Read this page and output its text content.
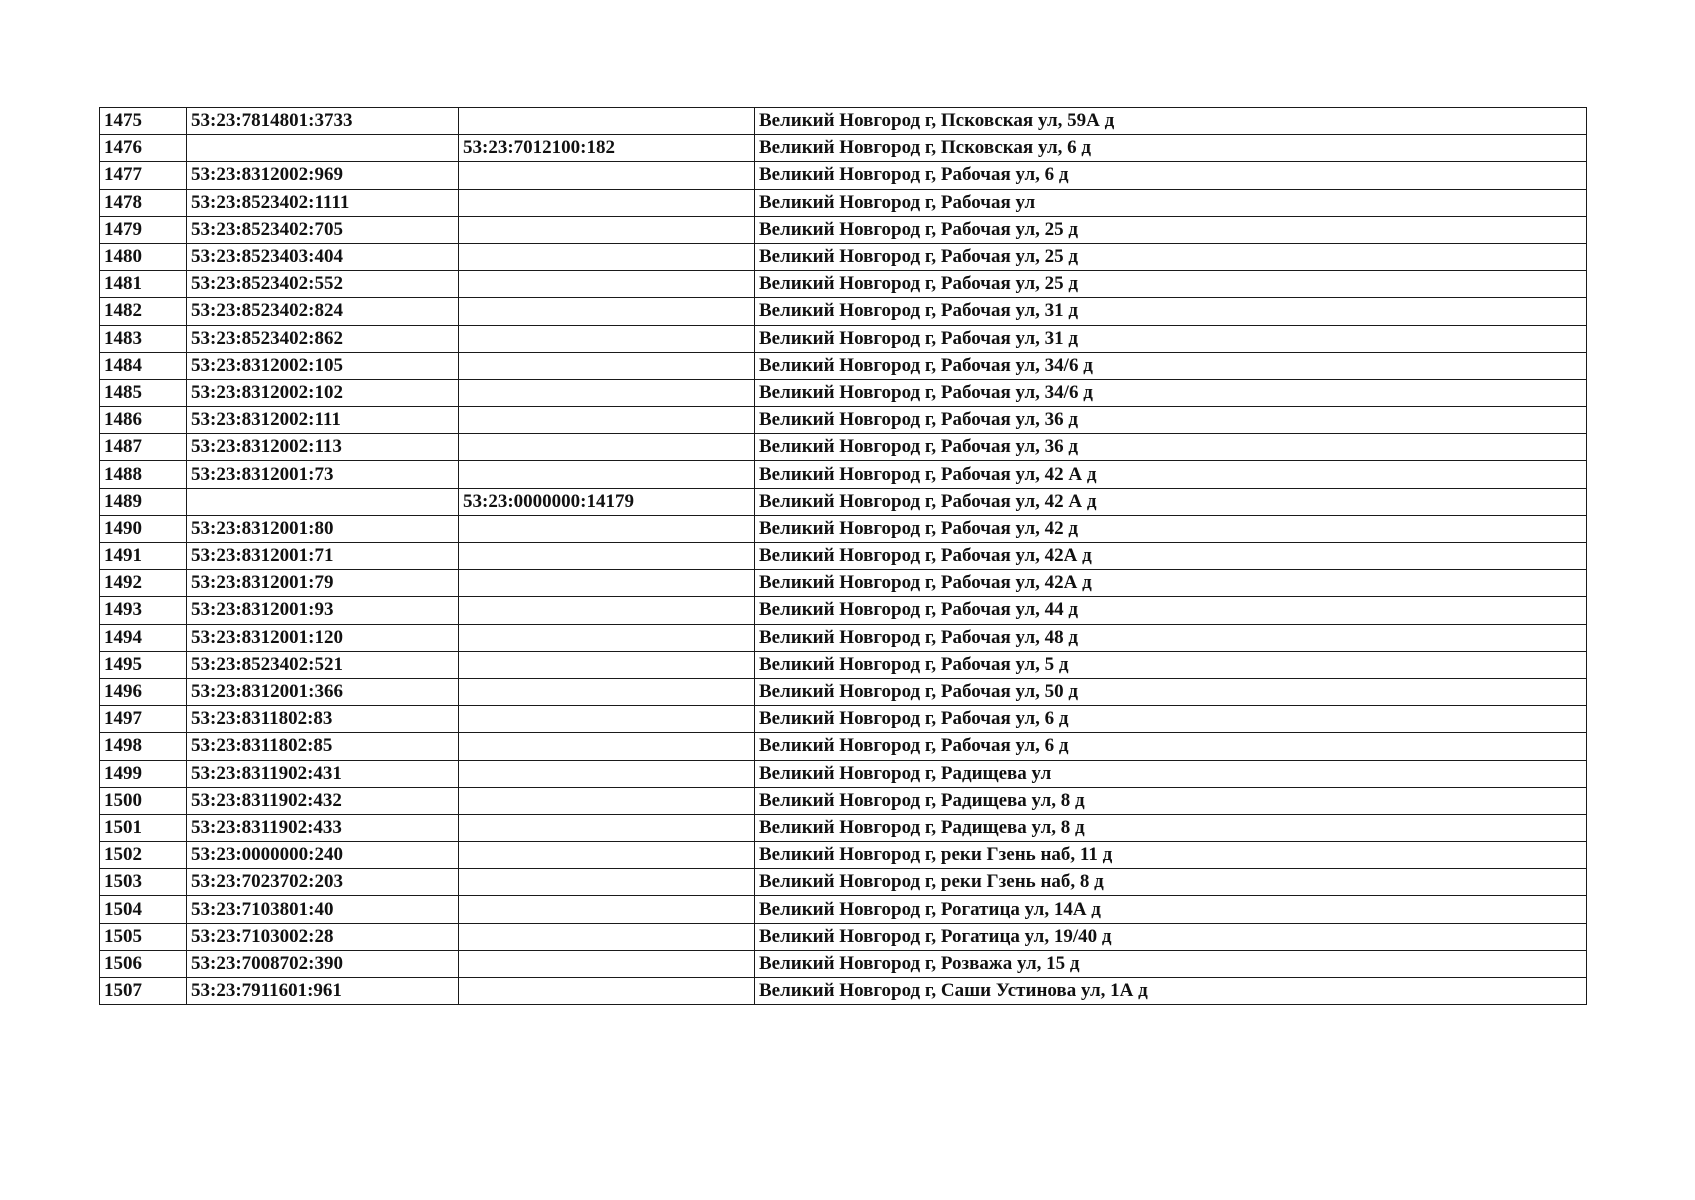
1475	53:23:7814801:3733		Великий Новгород г, Псковская ул, 59А д
1476		53:23:7012100:182	Великий Новгород г, Псковская ул, 6 д
1477	53:23:8312002:969		Великий Новгород г, Рабочая ул, 6 д
1478	53:23:8523402:1111		Великий Новгород г, Рабочая ул
1479	53:23:8523402:705		Великий Новгород г, Рабочая ул, 25 д
1480	53:23:8523403:404		Великий Новгород г, Рабочая ул, 25 д
1481	53:23:8523402:552		Великий Новгород г, Рабочая ул, 25 д
1482	53:23:8523402:824		Великий Новгород г, Рабочая ул, 31 д
1483	53:23:8523402:862		Великий Новгород г, Рабочая ул, 31 д
1484	53:23:8312002:105		Великий Новгород г, Рабочая ул, 34/6 д
1485	53:23:8312002:102		Великий Новгород г, Рабочая ул, 34/6 д
1486	53:23:8312002:111		Великий Новгород г, Рабочая ул, 36 д
1487	53:23:8312002:113		Великий Новгород г, Рабочая ул, 36 д
1488	53:23:8312001:73		Великий Новгород г, Рабочая ул, 42 А д
1489		53:23:0000000:14179	Великий Новгород г, Рабочая ул, 42 А д
1490	53:23:8312001:80		Великий Новгород г, Рабочая ул, 42 д
1491	53:23:8312001:71		Великий Новгород г, Рабочая ул, 42А д
1492	53:23:8312001:79		Великий Новгород г, Рабочая ул, 42А д
1493	53:23:8312001:93		Великий Новгород г, Рабочая ул, 44 д
1494	53:23:8312001:120		Великий Новгород г, Рабочая ул, 48 д
1495	53:23:8523402:521		Великий Новгород г, Рабочая ул, 5 д
1496	53:23:8312001:366		Великий Новгород г, Рабочая ул, 50 д
1497	53:23:8311802:83		Великий Новгород г, Рабочая ул, 6 д
1498	53:23:8311802:85		Великий Новгород г, Рабочая ул, 6 д
1499	53:23:8311902:431		Великий Новгород г, Радищева ул
1500	53:23:8311902:432		Великий Новгород г, Радищева ул, 8 д
1501	53:23:8311902:433		Великий Новгород г, Радищева ул, 8 д
1502	53:23:0000000:240		Великий Новгород г, реки Гзень наб, 11 д
1503	53:23:7023702:203		Великий Новгород г, реки Гзень наб, 8 д
1504	53:23:7103801:40		Великий Новгород г, Рогатица ул, 14А д
1505	53:23:7103002:28		Великий Новгород г, Рогатица ул, 19/40 д
1506	53:23:7008702:390		Великий Новгород г, Розважа ул, 15 д
1507	53:23:7911601:961		Великий Новгород г, Саши Устинова ул, 1А д
